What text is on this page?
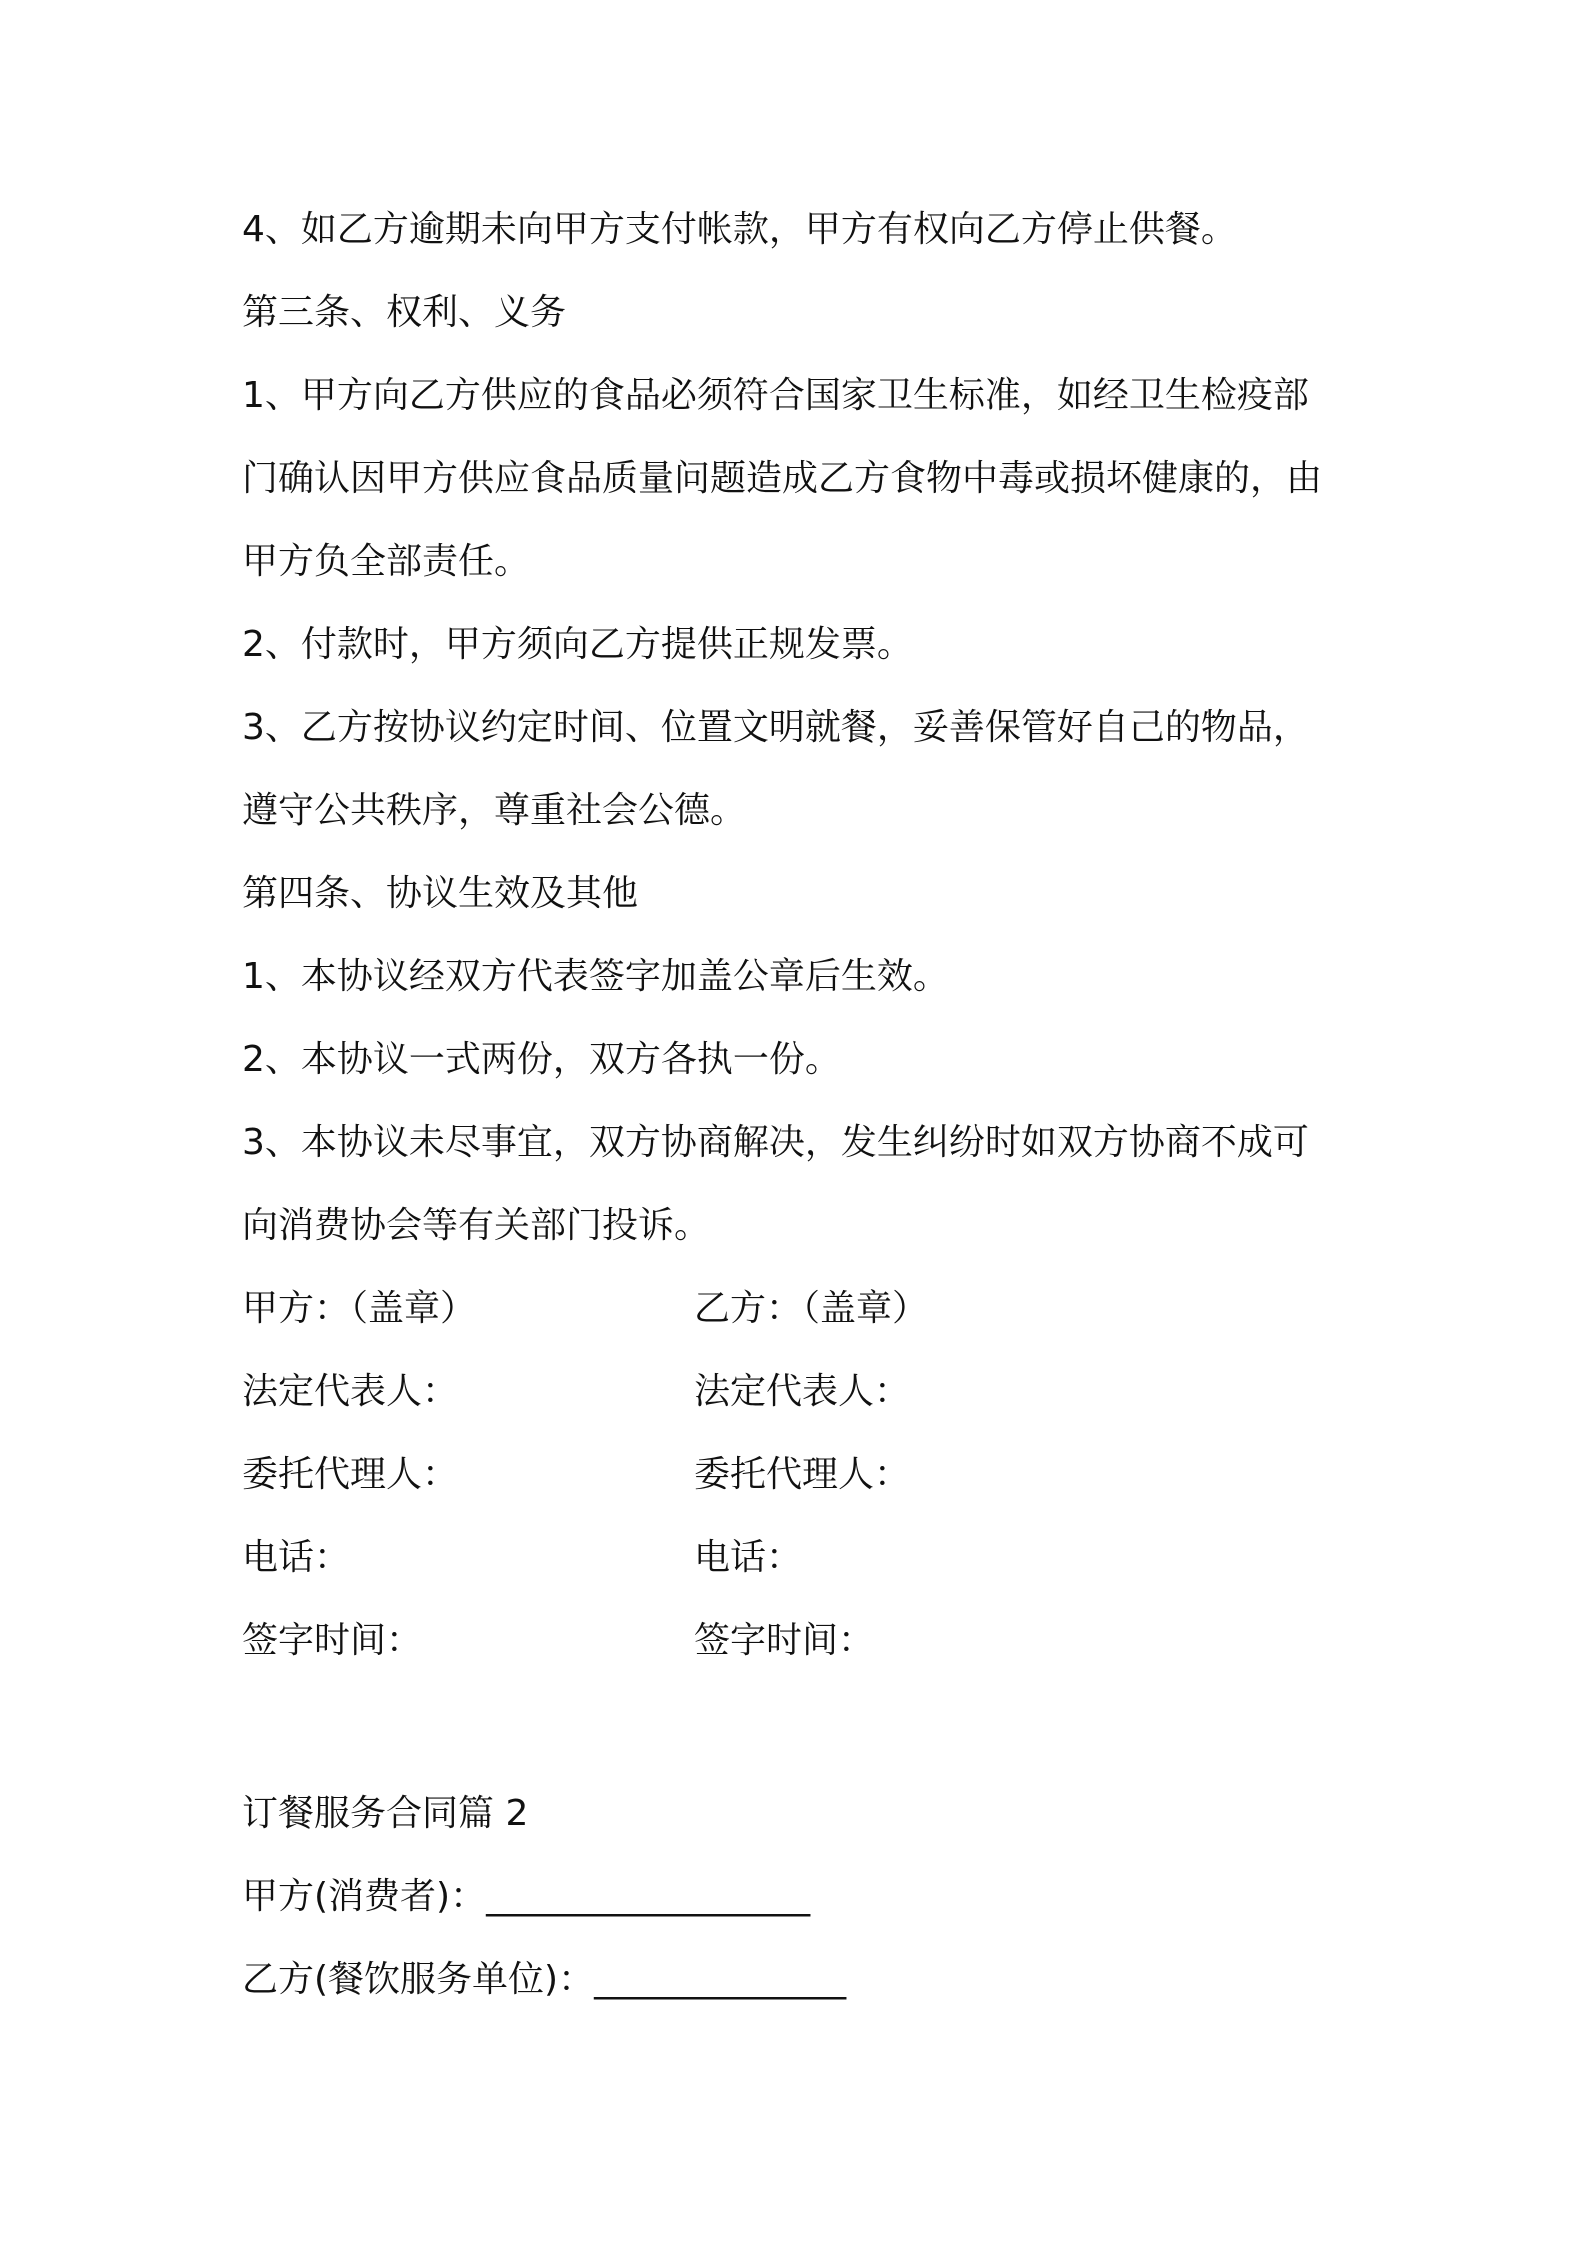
4、如乙方逾期未向甲方支付帐款，甲方有权向乙方停止供餐。
第三条、权利、义务
1、甲方向乙方供应的食品必须符合国家卫生标准，如经卫生检疫部
门确认因甲方供应食品质量问题造成乙方食物中毒或损坏健康的，由
甲方负全部责任。
2、付款时，甲方须向乙方提供正规发票。
3、乙方按协议约定时间、位置文明就餐，妥善保管好自己的物品，
遵守公共秩序，尊重社会公德。
第四条、协议生效及其他
1、本协议经双方代表签字加盖公章后生效。
2、本协议一式两份，双方各执一份。
3、本协议未尽事宜，双方协商解决，发生纠纷时如双方协商不成可
向消费协会等有关部门投诉。
甲方：（盖章）	乙方：（盖章）
法定代表人：	法定代表人：
委托代理人：	委托代理人：
电话：	电话：
签字时间：	签字时间：
订餐服务合同篇 2
甲方(消费者)：__________________
乙方(餐饮服务单位)：______________
